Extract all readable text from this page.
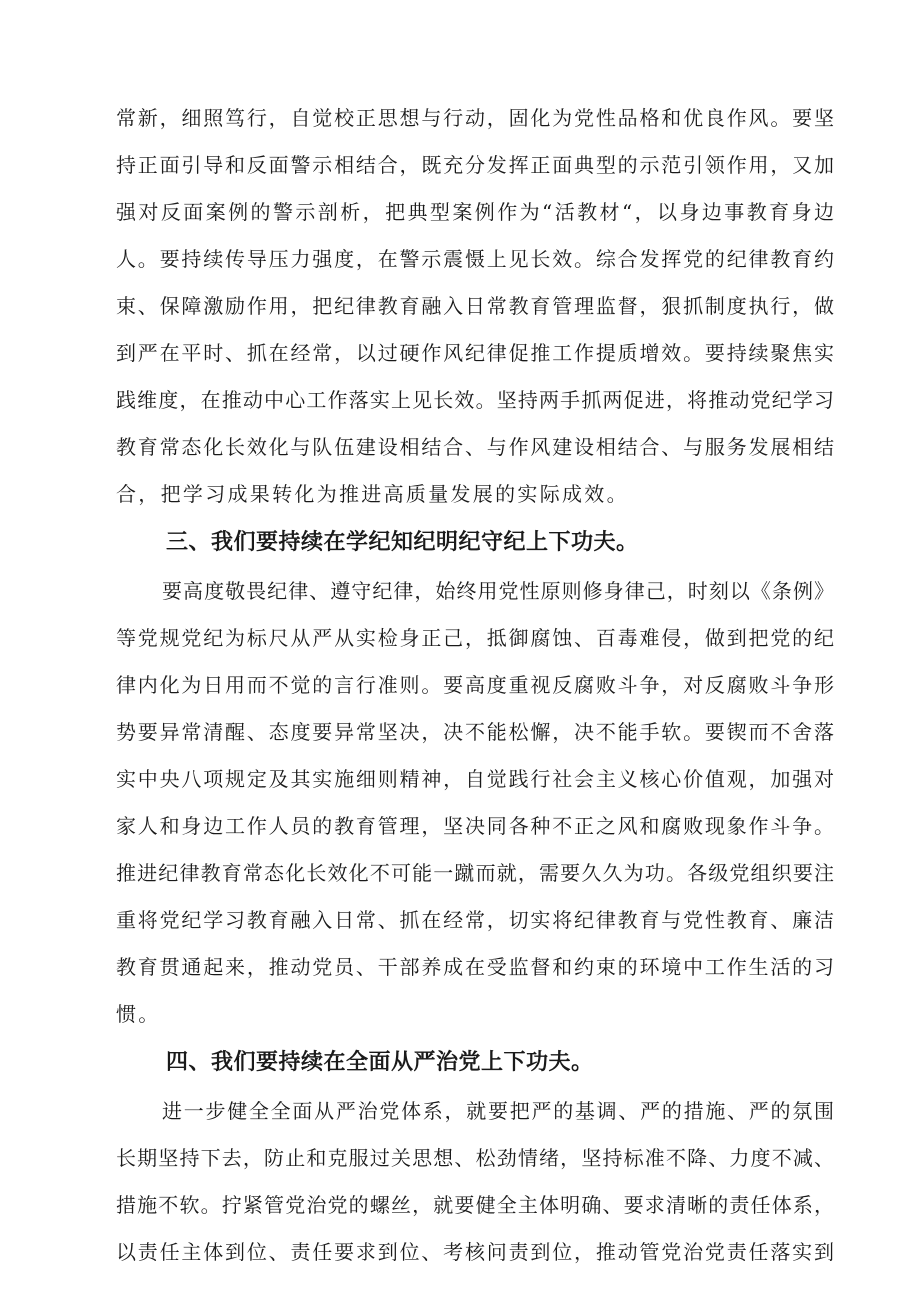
常新，细照笃行，自觉校正思想与行动，固化为党性品格和优良作风。要坚
持正面引导和反面警示相结合，既充分发挥正面典型的示范引领作用，又加
强对反面案例的警示剖析，把典型案例作为“活教材“，以身边事教育身边
人。要持续传导压力强度，在警示震慑上见长效。综合发挥党的纪律教育约
束、保障激励作用，把纪律教育融入日常教育管理监督，狠抓制度执行，做
到严在平时、抓在经常，以过硬作风纪律促推工作提质增效。要持续聚焦实
践维度，在推动中心工作落实上见长效。坚持两手抓两促进，将推动党纪学习
教育常态化长效化与队伍建设相结合、与作风建设相结合、与服务发展相结
合，把学习成果转化为推进高质量发展的实际成效。
三、我们要持续在学纪知纪明纪守纪上下功夫。
要高度敬畏纪律、遵守纪律，始终用党性原则修身律己，时刻以《条例》
等党规党纪为标尺从严从实检身正己，抵御腐蚀、百毒难侵，做到把党的纪
律内化为日用而不觉的言行准则。要高度重视反腐败斗争，对反腐败斗争形
势要异常清醒、态度要异常坚决，决不能松懈，决不能手软。要锲而不舍落
实中央八项规定及其实施细则精神，自觉践行社会主义核心价值观，加强对
家人和身边工作人员的教育管理，坚决同各种不正之风和腐败现象作斗争。
推进纪律教育常态化长效化不可能一蹴而就，需要久久为功。各级党组织要注
重将党纪学习教育融入日常、抓在经常，切实将纪律教育与党性教育、廉洁
教育贯通起来，推动党员、干部养成在受监督和约束的环境中工作生活的习
惯。
四、我们要持续在全面从严治党上下功夫。
进一步健全全面从严治党体系，就要把严的基调、严的措施、严的氛围
长期坚持下去，防止和克服过关思想、松劲情绪，坚持标准不降、力度不减、
措施不软。拧紧管党治党的螺丝，就要健全主体明确、要求清晰的责任体系，
以责任主体到位、责任要求到位、考核问责到位，推动管党治党责任落实到
